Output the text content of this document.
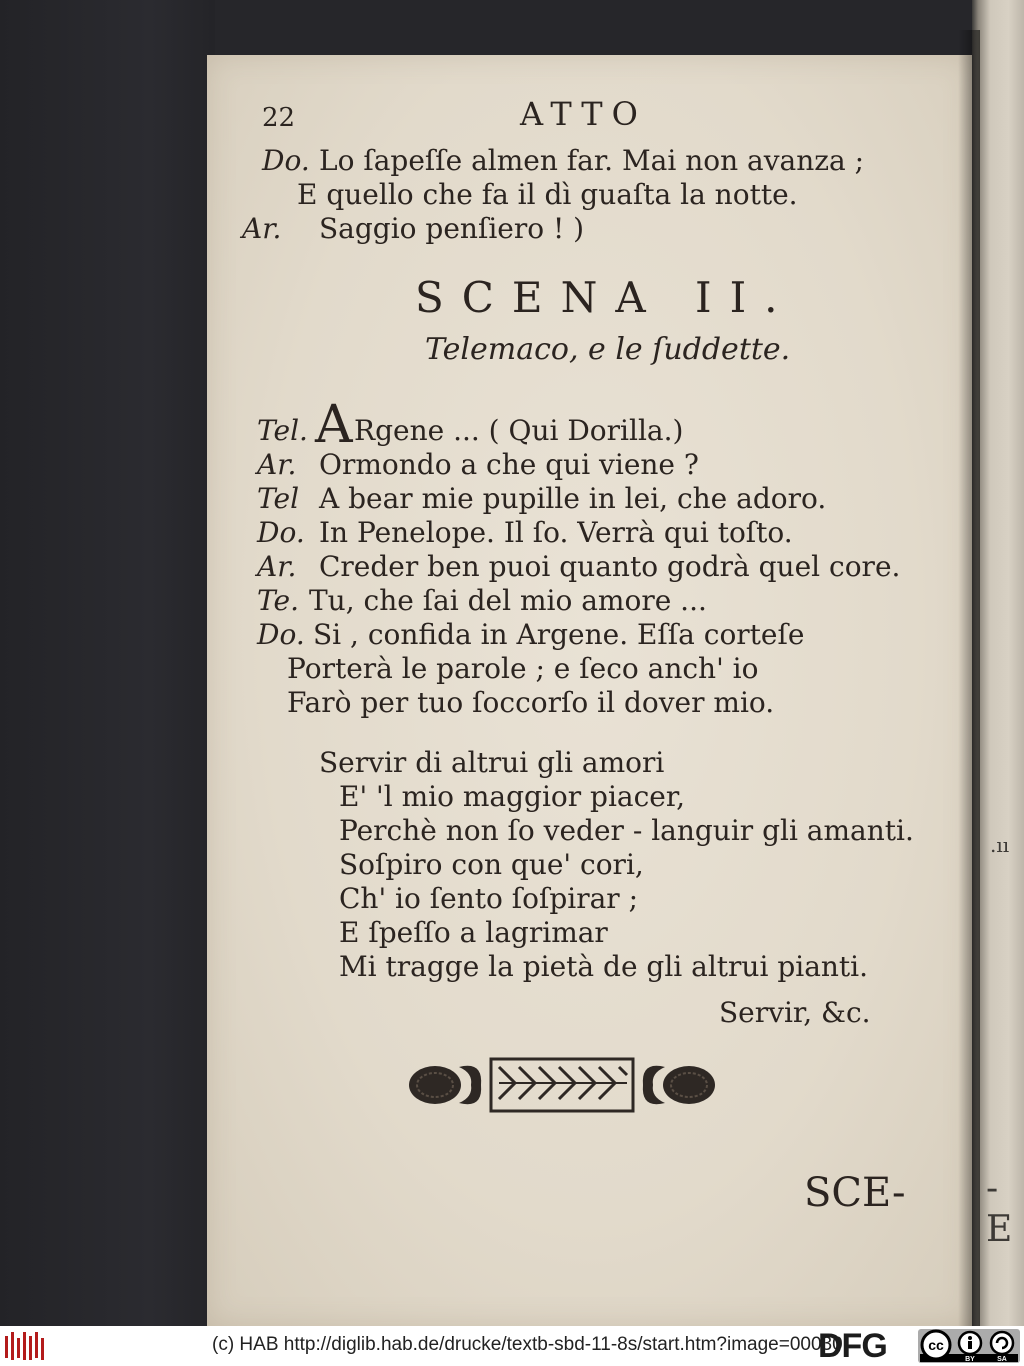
.ıı
-E
22	ATTO
Do. Lo ſapeſſe almen far. Mai non avanza ;
E quello che fa il dì guaſta la notte.
Ar. Saggio penſiero ! )
SCENA II.
Telemaco, e le ſuddette.
Tel. A Rgene ... ( Qui Dorilla.)
Ar. Ormondo a che qui viene ?
Tel A bear mie pupille in lei, che adoro.
Do. In Penelope. Il ſo. Verrà qui toſto.
Ar. Creder ben puoi quanto godrà quel core.
Te. Tu, che ſai del mio amore ...
Do. Si , confida in Argene. Eſſa corteſe
Porterà le parole ; e ſeco anch' io
Farò per tuo ſoccorſo il dover mio.
Servir di altrui gli amori
E' 'l mio maggior piacer,
Perchè non ſo veder - languir gli amanti.
Soſpiro con que' cori,
Ch' io ſento ſoſpirar ;
E ſpeſſo a lagrimar
Mi tragge la pietà de gli altrui pianti.
Servir, &c.
SCE-
(c) HAB http://diglib.hab.de/drucke/textb-sbd-11-8s/start.htm?image=00030
DFG	cc
BY	SA
